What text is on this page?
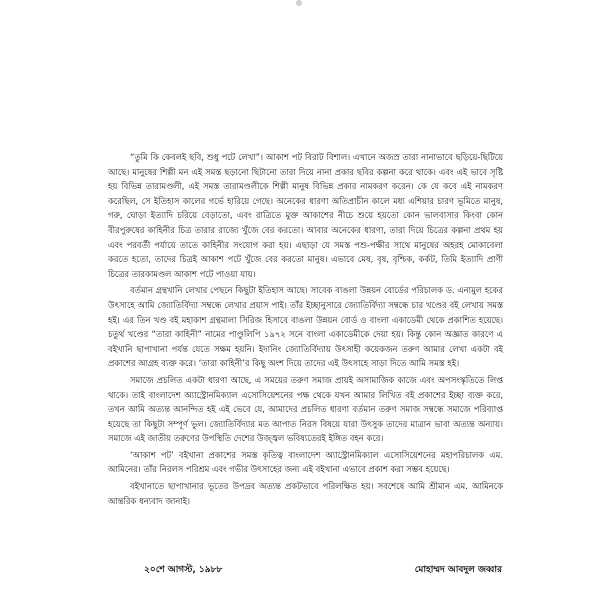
“তুমি কি কেবলই ছবি, শুধু পটে লেখা”। আকাশ পট বিরাট বিশাল। এখানে অজস্র তারা নানাভাবে ছড়িয়ে-ছিটিয়ে আছে। মানুষের শিল্পী মন এই সমস্ত ছড়ানো ছিটানো তারা দিয়ে নানা প্রকার ছবির কল্পনা করে থাকে। এবং এই ভাবে সৃষ্টি হয় বিভিন্ন তারামণ্ডলী, এই সমস্ত তারামণ্ডলীকে শিল্পী মানুষ বিভিন্ন প্রকার নামকরণ করেন। কে যে কবে এই নামকরণ করেছিল, সে ইতিহাস কালের গর্ভে হারিয়ে গেছে। অনেকের ধারণা অতিপ্রাচীন কালে মধ্য এশিয়ার চারণ ভূমিতে মানুষ, গরু, ঘোড়া ইত্যাদি চরিয়ে বেড়াতো, এবং রাত্রিতে মুক্ত আকাশের নীচে শুয়ে হয়তো কোন ভালবাসার কিংবা কোন বীরপুরুষের কাহিনীর চিত্র তারার রাজ্যে খুঁজে বের করতো। আবার অনেকের ধারণা, তারা দিয়ে চিত্রের কল্পনা প্রথম হয় এবং পরবর্তী পর্যায়ে তাতে কাহিনীর সংযোগ করা হয়। এছাড়া যে সমস্ত পশু-পক্ষীর সাথে মানুষের অহরহ মোকাবেলা করতে হতো, তাদের চিত্রই আকাশ পটে খুঁজে বের করতো মানুষ। এভাবে মেষ, বৃষ, বৃশ্চিক, কর্কট, তিমি ইত্যাদি প্রাণী চিত্রের তারকামণ্ডল আকাশ পটে পাওয়া যায়।

বর্তমান গ্রন্থখানি লেখার পেছনে কিছুটা ইতিহাস আছে। সাবেক বাঙলা উন্নয়ন বোর্ডের পরিচালক ড. এনামুল হকের উৎসাহে আমি জ্যোতির্বিদ্যা সম্বন্ধে লেখার প্রয়াস পাই। তাঁর ইচ্ছানুসারে জ্যোতির্বিদ্যা সম্বন্ধে চার খণ্ডের বই লেখায় সমস্ত হই। এর তিন খণ্ড বই মহাকাশ গ্রন্থমালা সিরিজ হিসাবে বাঙলা উন্নয়ন বোর্ড ও বাংলা একাডেমী থেকে প্রকাশিত হয়েছে। চতুর্থ খণ্ডের “তারা কাহিনী” নামের পাণ্ডুলিপি ১৯৭২ সনে বাংলা একাডেমীকে দেয়া হয়। কিন্তু কোন অজ্ঞাত কারণে এ বইখানি ছাপাখানা পর্যন্ত যেতে সক্ষম হয়নি। ইদানিং জ্যোতির্বিদ্যায় উৎসাহী কয়েকজন তরুণ আমার লেখা একটা বই প্রকাশের আগ্রহ ব্যক্ত করে। ‘তারা কাহিনী’র কিছু অংশ দিয়ে তাদের এই উৎসাহে সাড়া দিতে আমি সমস্ত হই।

সমাজে প্রচলিত একটা ধারণা আছে, এ সময়ের তরুণ সমাজ প্রায়ই অসামাজিক কাজে এবং অপসংস্কৃতিতে লিপ্ত থাকে। তাই বাংলাদেশ অ্যাস্ট্রোনমিক্যাল এসোসিয়েশনের পক্ষ থেকে যখন আমার লিখিত বই প্রকাশের ইচ্ছা ব্যক্ত করে, তখন আমি অত্যন্ত আনন্দিত হই এই ভেবে যে, আমাদের প্রচলিত ধারণা বর্তমান তরুণ সমাজ সম্বন্ধে সমাজে পরিব্যাপ্ত হয়েছে তা কিছুটা সম্পূর্ণ ভুল। জ্যোতির্বিদ্যার মত আপাত নিরস বিষয়ে যারা উৎসুক তাদের মাত্রান ভাবা অত্যন্ত অন্যায়। সমাজে এই জাতীয় তরুণের উপস্থিতি দেশের উজ্জ্বল ভবিষ্যতেরই ইঙ্গিত বহন করে।

‘আকাশ পট’ বইখানা প্রকাশের সমস্ত কৃতিত্ব বাংলাদেশ অ্যাস্ট্রোনমিক্যাল এসোসিয়েশনের মহাপরিচালক এম. আমিনের। তাঁর নিরলস পরিশ্রম এবং গভীর উৎসাহের জন্য এই বইখানা এভাবে প্রকাশ করা সম্ভব হয়েছে।

বইখানাতে ছাপাখানার ভূতের উপদ্রব অত্যন্ত প্রকটভাবে পরিলক্ষিত হয়। সবশেষে আমি শ্রীমান এম. আমিনকে আন্তরিক ধন্যবাদ জানাই।

২০শে আগস্ট, ১৯৮৮	মোহাম্মদ আবদুল জব্বার
